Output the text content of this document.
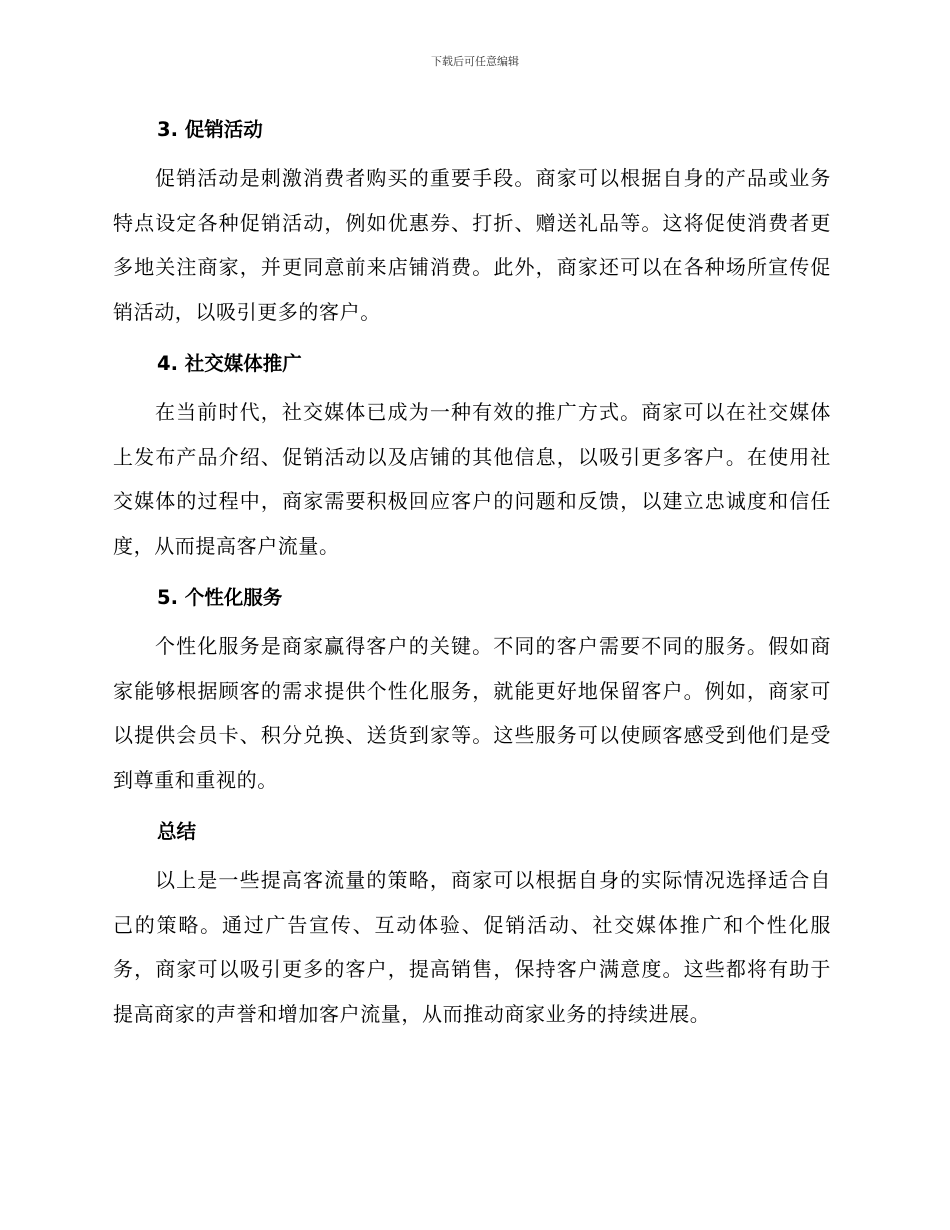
下载后可任意编辑
3. 促销活动

促销活动是刺激消费者购买的重要手段。商家可以根据自身的产品或业务特点设定各种促销活动，例如优惠券、打折、赠送礼品等。这将促使消费者更多地关注商家，并更同意前来店铺消费。此外，商家还可以在各种场所宣传促销活动，以吸引更多的客户。

4. 社交媒体推广

在当前时代，社交媒体已成为一种有效的推广方式。商家可以在社交媒体上发布产品介绍、促销活动以及店铺的其他信息，以吸引更多客户。在使用社交媒体的过程中，商家需要积极回应客户的问题和反馈，以建立忠诚度和信任度，从而提高客户流量。

5. 个性化服务

个性化服务是商家赢得客户的关键。不同的客户需要不同的服务。假如商家能够根据顾客的需求提供个性化服务，就能更好地保留客户。例如，商家可以提供会员卡、积分兑换、送货到家等。这些服务可以使顾客感受到他们是受到尊重和重视的。

总结

以上是一些提高客流量的策略，商家可以根据自身的实际情况选择适合自己的策略。通过广告宣传、互动体验、促销活动、社交媒体推广和个性化服务，商家可以吸引更多的客户，提高销售，保持客户满意度。这些都将有助于提高商家的声誉和增加客户流量，从而推动商家业务的持续进展。
